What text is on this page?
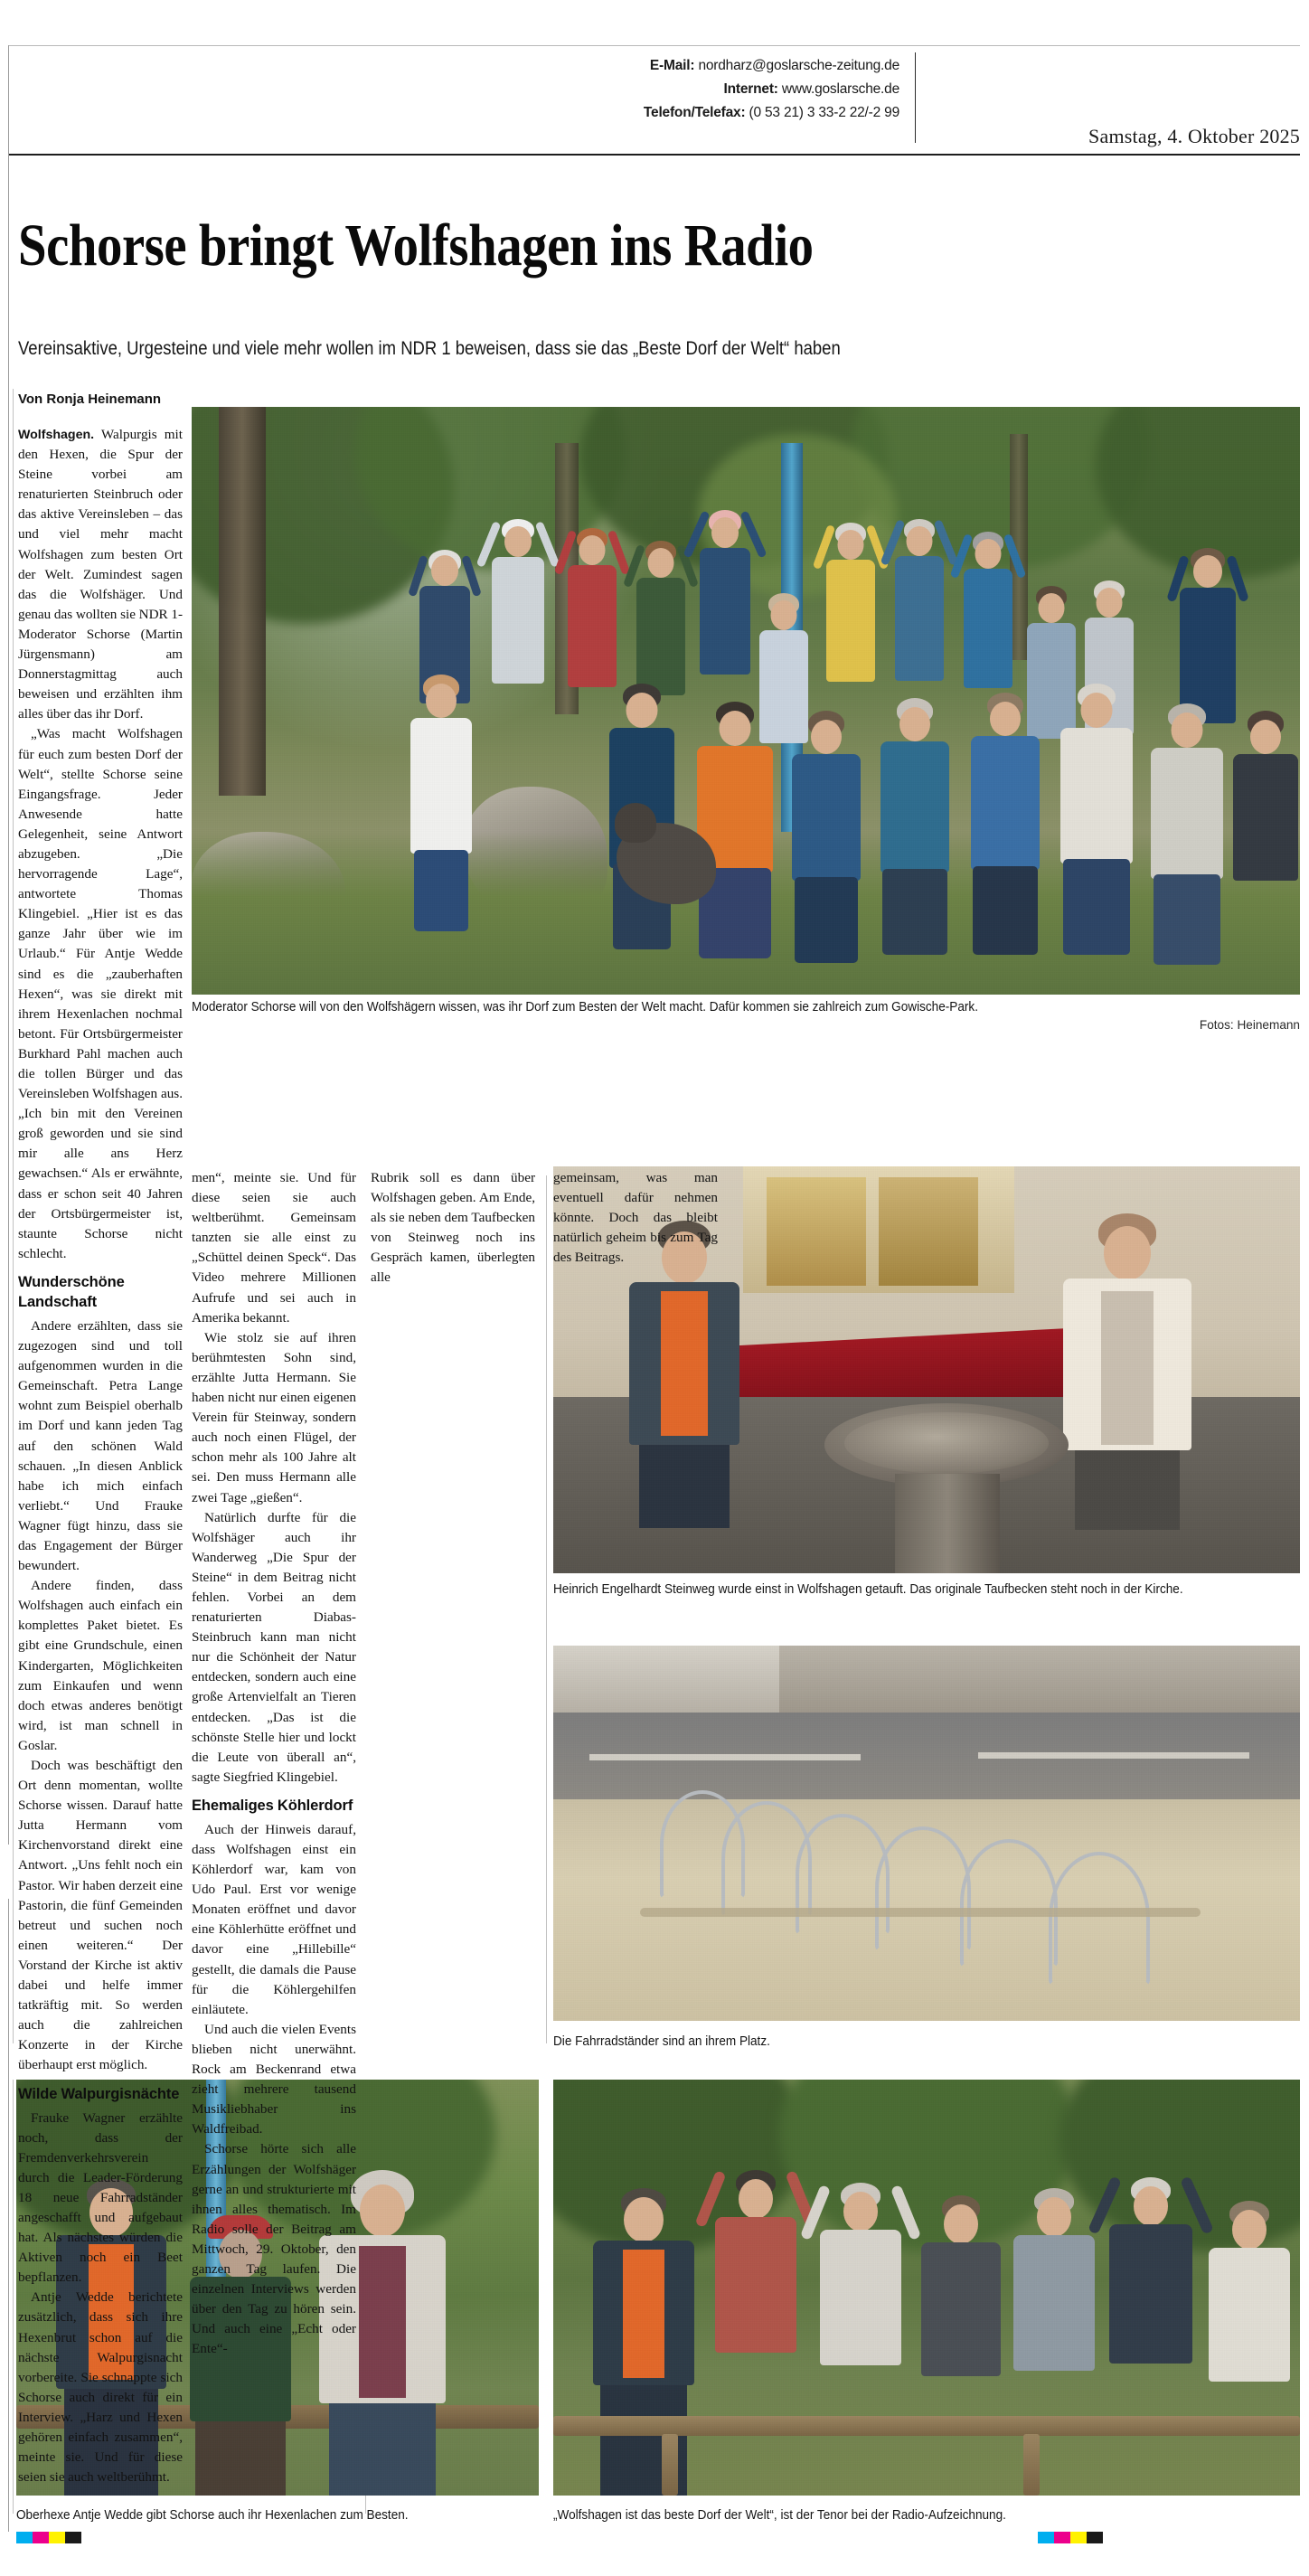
E-Mail: nordharz@goslarsche-zeitung.de
Internet: www.goslarsche.de
Telefon/Telefax: (0 53 21) 3 33-2 22/-2 99
Samstag, 4. Oktober 2025
Schorse bringt Wolfshagen ins Radio
Vereinsaktive, Urgesteine und viele mehr wollen im NDR 1 beweisen, dass sie das „Beste Dorf der Welt“ haben
Von Ronja Heinemann
Moderator Schorse will von den Wolfshägern wissen, was ihr Dorf zum Besten der Welt macht. Dafür kommen sie zahlreich zum Gowische-Park.
Fotos: Heinemann
Heinrich Engelhardt Steinweg wurde einst in Wolfshagen getauft. Das originale Taufbecken steht noch in der Kirche.
Die Fahrradständer sind an ihrem Platz.
Oberhexe Antje Wedde gibt Schorse auch ihr Hexenlachen zum Besten.	„Wolfshagen ist das beste Dorf der Welt“, ist der Tenor bei der Radio-Aufzeichnung.

Wolfshagen. Walpurgis mit den Hexen, die Spur der Steine vorbei am renaturierten Steinbruch oder das aktive Vereinsleben – das und viel mehr macht Wolfshagen zum besten Ort der Welt. Zumindest sagen das die Wolfshäger. Und genau das wollten sie NDR 1-Moderator Schorse (Martin Jürgensmann) am Donnerstagmittag auch beweisen und erzählten ihm alles über das ihr Dorf.

„Was macht Wolfshagen für euch zum besten Dorf der Welt“, stellte Schorse seine Eingangsfrage. Jeder Anwesende hatte Gelegenheit, seine Antwort abzugeben. „Die hervorragende Lage“, antwortete Thomas Klingebiel. „Hier ist es das ganze Jahr über wie im Urlaub.“ Für Antje Wedde sind es die „zauberhaften Hexen“, was sie direkt mit ihrem Hexenlachen nochmal betont. Für Ortsbürgermeister Burkhard Pahl machen auch die tollen Bürger und das Vereinsleben Wolfshagen aus. „Ich bin mit den Vereinen groß geworden und sie sind mir alle ans Herz gewachsen.“ Als er erwähnte, dass er schon seit 40 Jahren der Ortsbürgermeister ist, staunte Schorse nicht schlecht.

Wunderschöne Landschaft

Andere erzählten, dass sie zugezogen sind und toll aufgenommen wurden in die Gemeinschaft. Petra Lange wohnt zum Beispiel oberhalb im Dorf und kann jeden Tag auf den schönen Wald schauen. „In diesen Anblick habe ich mich einfach verliebt.“ Und Frauke Wagner fügt hinzu, dass sie das Engagement der Bürger bewundert.

Andere finden, dass Wolfshagen auch einfach ein komplettes Paket bietet. Es gibt eine Grundschule, einen Kindergarten, Möglichkeiten zum Einkaufen und wenn doch etwas anderes benötigt wird, ist man schnell in Goslar.

Doch was beschäftigt den Ort denn momentan, wollte Schorse wissen. Darauf hatte Jutta Hermann vom Kirchenvorstand direkt eine Antwort. „Uns fehlt noch ein Pastor. Wir haben derzeit eine Pastorin, die fünf Gemeinden betreut und suchen noch einen weiteren.“ Der Vorstand der Kirche ist aktiv dabei und helfe immer tatkräftig mit. So werden auch die zahlreichen Konzerte in der Kirche überhaupt erst möglich.

Wilde Walpurgisnächte

Frauke Wagner erzählte noch, dass der Fremdenverkehrsverein durch die Leader-Förderung 18 neue Fahrradständer angeschafft und aufgebaut hat. Als nächstes würden die Aktiven noch ein Beet bepflanzen.

Antje Wedde berichtete zusätzlich, dass sich ihre Hexenbrut schon auf die nächste Walpurgisnacht vorbereite. Sie schnappte sich Schorse auch direkt für ein Interview. „Harz und Hexen gehören einfach zusammen“, meinte sie. Und für diese seien sie auch weltberühmt.

men“, meinte sie. Und für diese seien sie auch weltberühmt. Gemeinsam tanzten sie alle einst zu „Schüttel deinen Speck“. Das Video mehrere Millionen Aufrufe und sei auch in Amerika bekannt.

Wie stolz sie auf ihren berühmtesten Sohn sind, erzählte Jutta Hermann. Sie haben nicht nur einen eigenen Verein für Steinway, sondern auch noch einen Flügel, der schon mehr als 100 Jahre alt sei. Den muss Hermann alle zwei Tage „gießen“.

Natürlich durfte für die Wolfshäger auch ihr Wanderweg „Die Spur der Steine“ in dem Beitrag nicht fehlen. Vorbei an dem renaturierten Diabas-Steinbruch kann man nicht nur die Schönheit der Natur entdecken, sondern auch eine große Artenvielfalt an Tieren entdecken. „Das ist die schönste Stelle hier und lockt die Leute von überall an“, sagte Siegfried Klingebiel.

Ehemaliges Köhlerdorf

Auch der Hinweis darauf, dass Wolfshagen einst ein Köhlerdorf war, kam von Udo Paul. Erst vor wenige Monaten eröffnet und davor eine Köhlerhütte eröffnet und davor eine „Hillebille“ gestellt, die damals die Pause für die Köhlergehilfen einläutete.

Und auch die vielen Events blieben nicht unerwähnt. Rock am Beckenrand etwa zieht mehrere tausend Musikliebhaber ins Waldfreibad.

Schorse hörte sich alle Erzählungen der Wolfshäger gerne an und strukturierte mit ihnen alles thematisch. Im Radio solle der Beitrag am Mittwoch, 29. Oktober, den ganzen Tag laufen. Die einzelnen Interviews werden über den Tag zu hören sein. Und auch eine „Echt oder Ente“-

Rubrik soll es dann über Wolfshagen geben. Am Ende, als sie neben dem Taufbecken von Steinweg noch ins Gespräch kamen, überlegten alle

gemeinsam, was man eventuell dafür nehmen könnte. Doch das bleibt natürlich geheim bis zum Tag des Beitrags.
